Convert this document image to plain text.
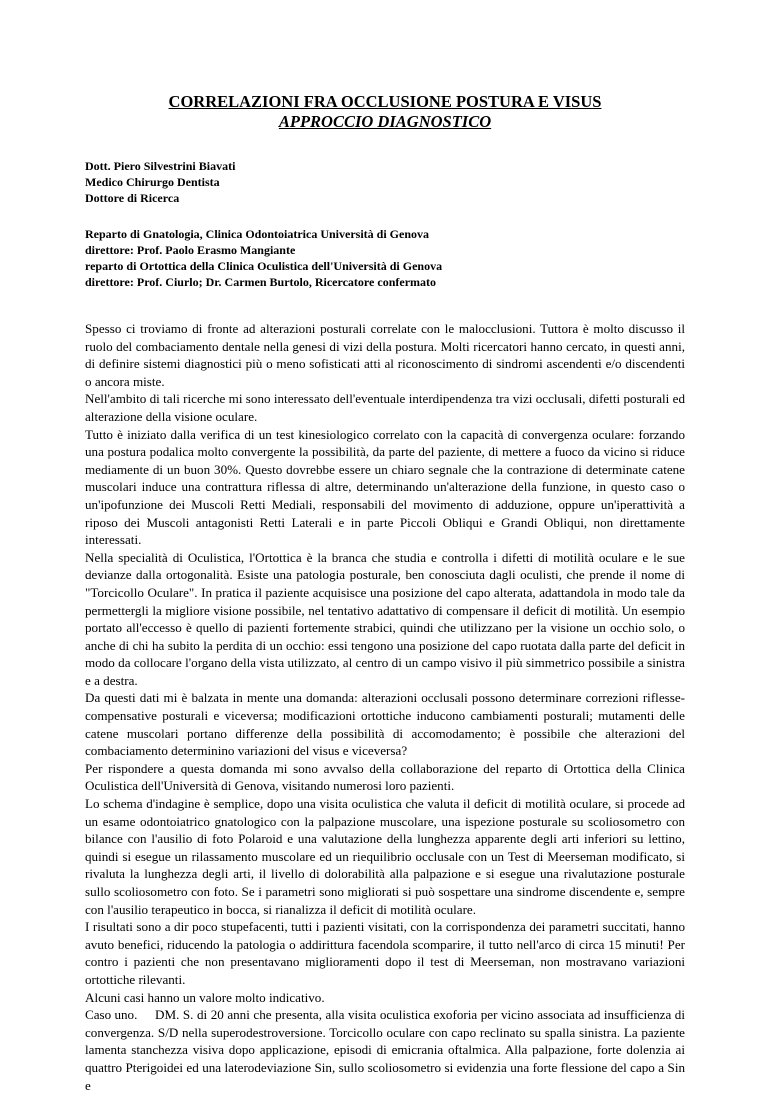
CORRELAZIONI FRA OCCLUSIONE POSTURA E VISUS
APPROCCIO DIAGNOSTICO
Dott. Piero Silvestrini Biavati
Medico Chirurgo Dentista
Dottore di Ricerca
Reparto di Gnatologia, Clinica Odontoiatrica Università di Genova
direttore: Prof. Paolo Erasmo Mangiante
reparto di Ortottica della Clinica Oculistica dell'Università di Genova
direttore: Prof. Ciurlo; Dr. Carmen Burtolo, Ricercatore confermato
Spesso ci troviamo di fronte ad alterazioni posturali correlate con le malocclusioni. Tuttora è molto discusso il ruolo del combaciamento dentale nella genesi di vizi della postura. Molti ricercatori hanno cercato, in questi anni, di definire sistemi diagnostici più o meno sofisticati atti al riconoscimento di sindromi ascendenti e/o discendenti o ancora miste.
Nell'ambito di tali ricerche mi sono interessato dell'eventuale interdipendenza tra vizi occlusali, difetti posturali ed alterazione della visione oculare.
Tutto è iniziato dalla verifica di un test kinesiologico correlato con la capacità di convergenza oculare: forzando una postura podalica molto convergente la possibilità, da parte del paziente, di mettere a fuoco da vicino si riduce mediamente di un buon 30%. Questo dovrebbe essere un chiaro segnale che la contrazione di determinate catene muscolari induce una contrattura riflessa di altre, determinando un'alterazione della funzione, in questo caso o un'ipofunzione dei Muscoli Retti Mediali, responsabili del movimento di adduzione, oppure un'iperattività a riposo dei Muscoli antagonisti Retti Laterali e in parte Piccoli Obliqui e Grandi Obliqui, non direttamente interessati.
Nella specialità di Oculistica, l'Ortottica è la branca che studia e controlla i difetti di motilità oculare e le sue devianze dalla ortogonalità. Esiste una patologia posturale, ben conosciuta dagli oculisti, che prende il nome di "Torcicollo Oculare". In pratica il paziente acquisisce una posizione del capo alterata, adattandola in modo tale da permettergli la migliore visione possibile, nel tentativo adattativo di compensare il deficit di motilità. Un esempio portato all'eccesso è quello di pazienti fortemente strabici, quindi che utilizzano per la visione un occhio solo, o anche di chi ha subito la perdita di un occhio: essi tengono una posizione del capo ruotata dalla parte del deficit in modo da collocare l'organo della vista utilizzato, al centro di un campo visivo il più simmetrico possibile a sinistra e a destra.
Da questi dati mi è balzata in mente una domanda: alterazioni occlusali possono determinare correzioni riflesse-compensative posturali e viceversa; modificazioni ortottiche inducono cambiamenti posturali; mutamenti delle catene muscolari portano differenze della possibilità di accomodamento; è possibile che alterazioni del combaciamento determinino variazioni del visus e viceversa?
Per rispondere a questa domanda mi sono avvalso della collaborazione del reparto di Ortottica della Clinica Oculistica dell'Università di Genova, visitando numerosi loro pazienti.
Lo schema d'indagine è semplice, dopo una visita oculistica che valuta il deficit di motilità oculare, si procede ad un esame odontoiatrico gnatologico con la palpazione muscolare, una ispezione posturale su scoliosometro con bilance con l'ausilio di foto Polaroid e una valutazione della lunghezza apparente degli arti inferiori su lettino, quindi si esegue un rilassamento muscolare ed un riequilibrio occlusale con un Test di Meerseman modificato, si rivaluta la lunghezza degli arti, il livello di dolorabilità alla palpazione e si esegue una rivalutazione posturale sullo scoliosometro con foto. Se i parametri sono migliorati si può sospettare una sindrome discendente e, sempre con l'ausilio terapeutico in bocca, si rianalizza il deficit di motilità oculare.
I risultati sono a dir poco stupefacenti, tutti i pazienti visitati, con la corrispondenza dei parametri succitati, hanno avuto benefici, riducendo la patologia o addirittura facendola scomparire, il tutto nell'arco di circa 15 minuti! Per contro i pazienti che non presentavano miglioramenti dopo il test di Meerseman, non mostravano variazioni ortottiche rilevanti.
Alcuni casi hanno un valore molto indicativo.
Caso uno. DM. S. di 20 anni che presenta, alla visita oculistica exoforia per vicino associata ad insufficienza di convergenza. S/D nella superodestroversione. Torcicollo oculare con capo reclinato su spalla sinistra. La paziente lamenta stanchezza visiva dopo applicazione, episodi di emicrania oftalmica. Alla palpazione, forte dolenzia ai quattro Pterigoidei ed una laterodeviazione Sin, sullo scoliosometro si evidenzia una forte flessione del capo a Sin e
